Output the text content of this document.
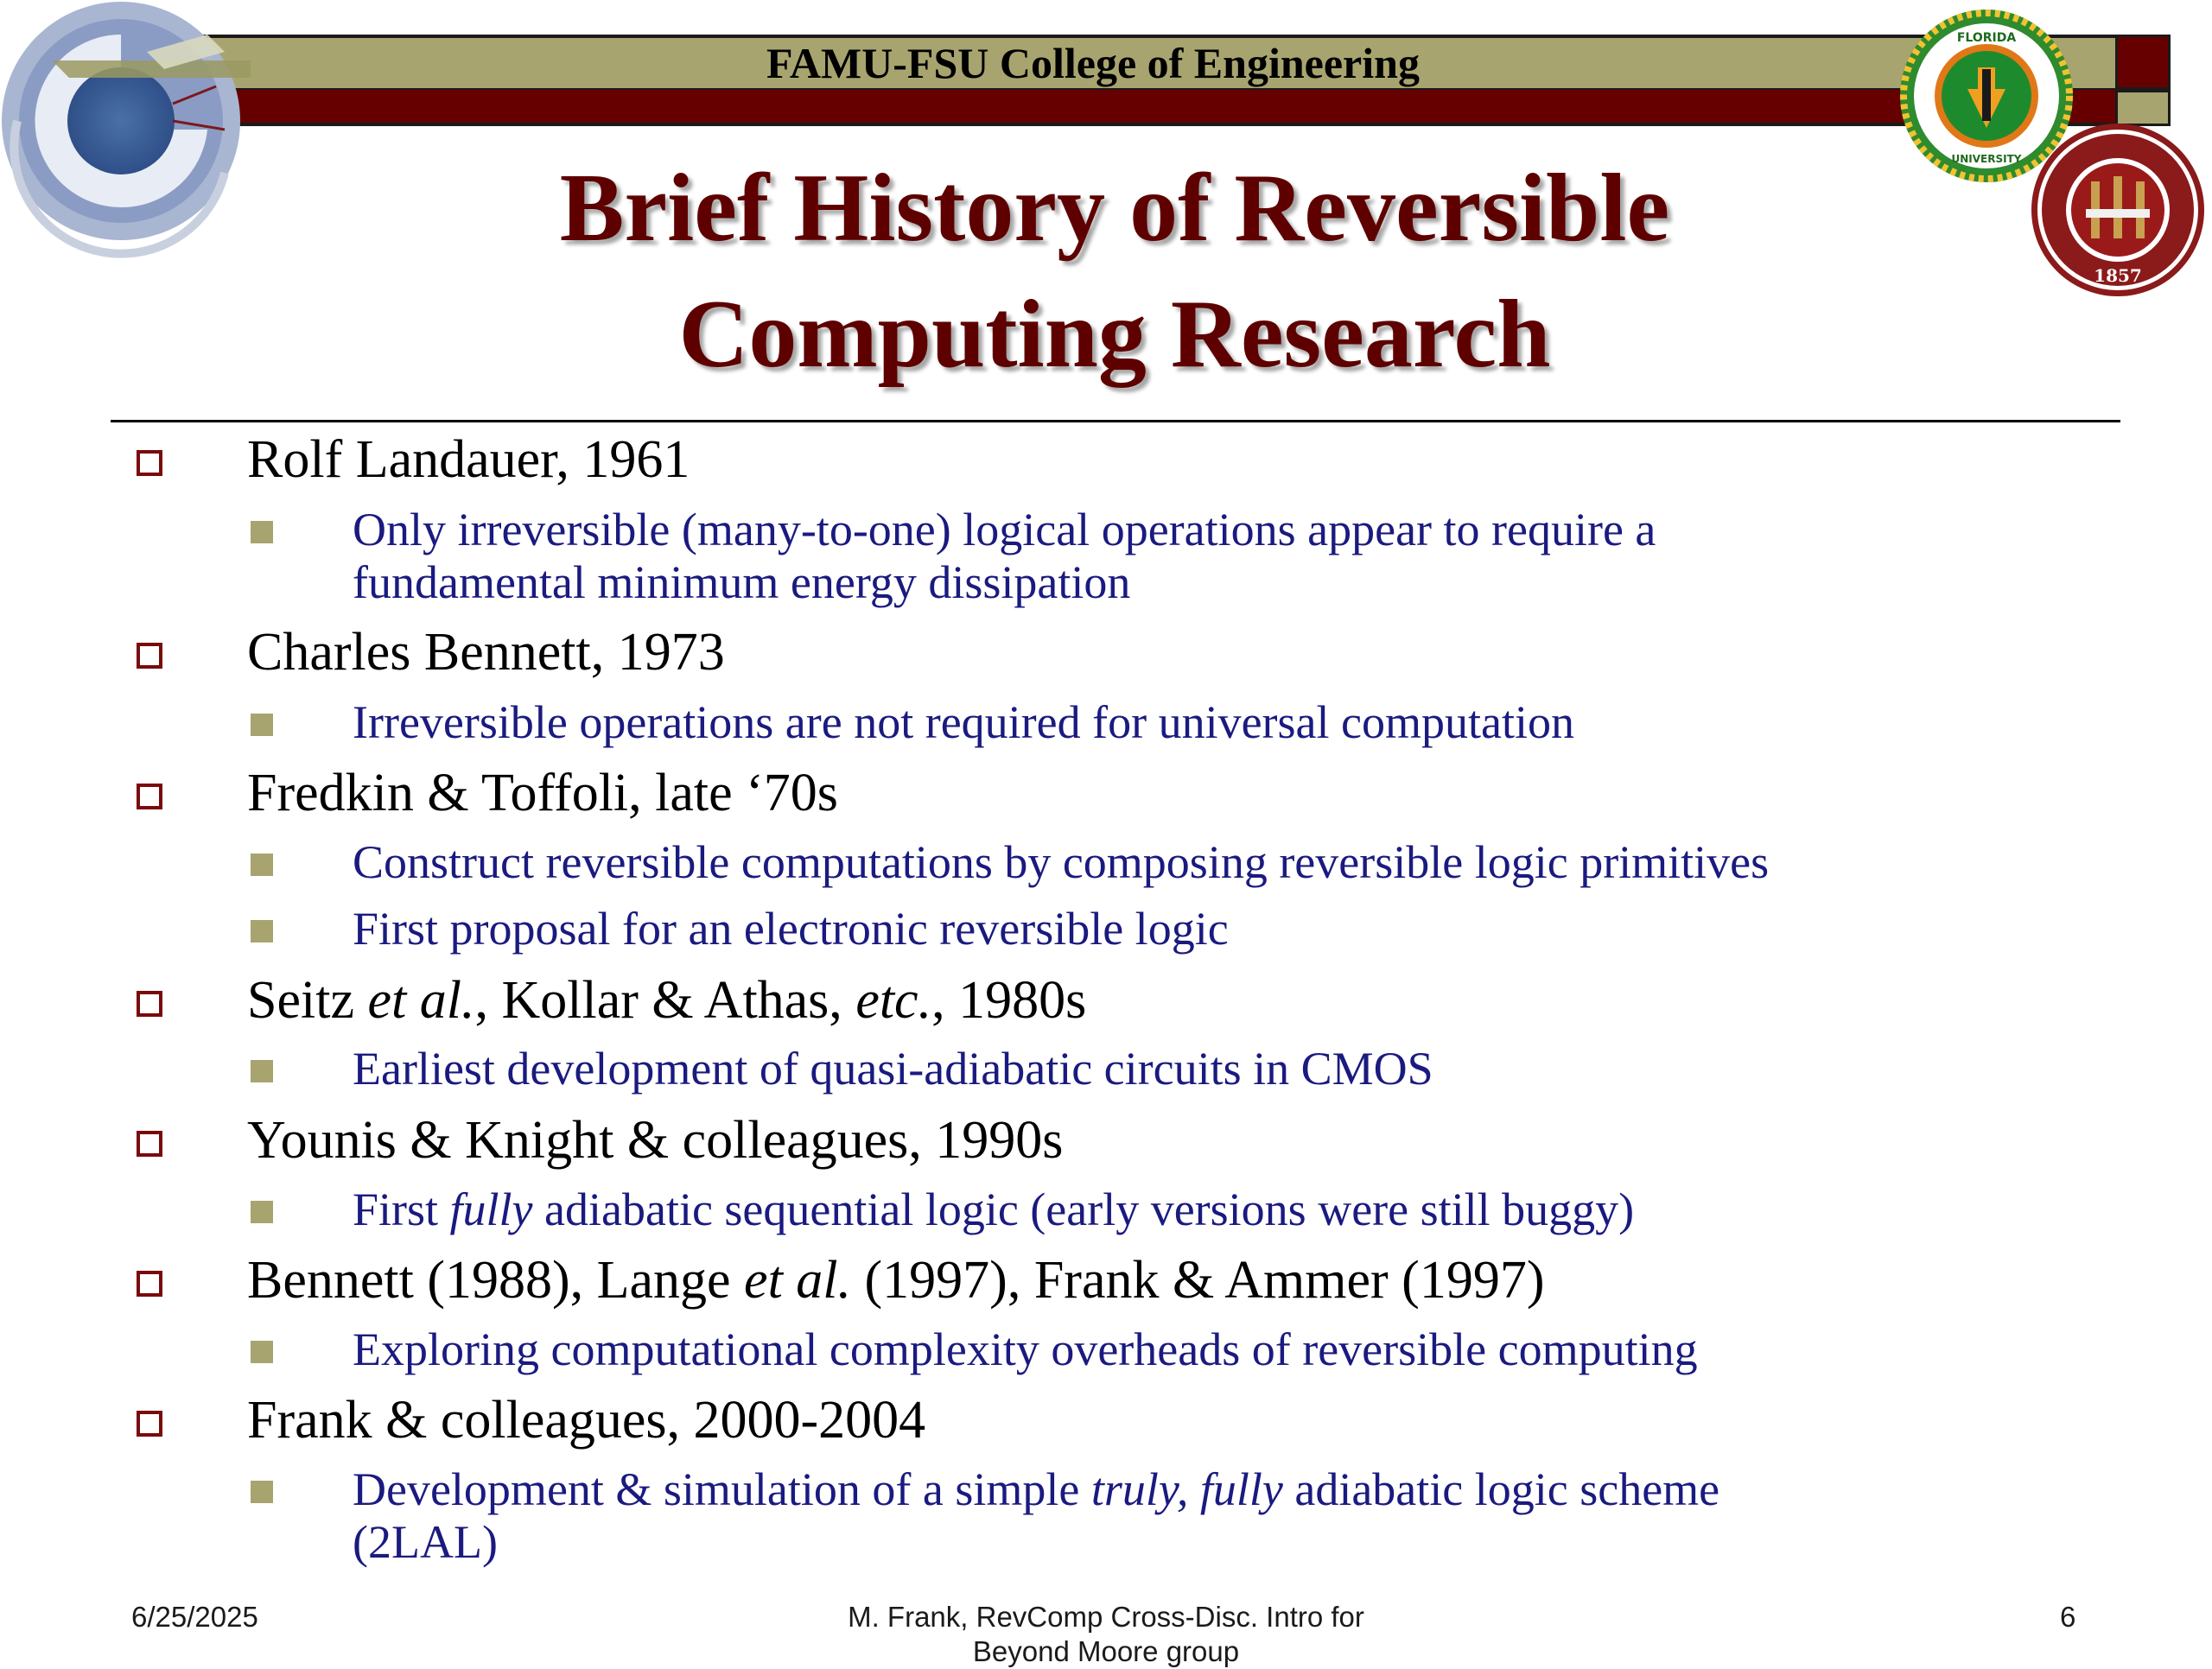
FAMU-FSU College of Engineering
FLORIDA
UNIVERSITY
1857
Brief History of Reversible
Computing Research
Rolf Landauer, 1961
Only irreversible (many-to-one) logical operations appear to require a
fundamental minimum energy dissipation
Charles Bennett, 1973
Irreversible operations are not required for universal computation
Fredkin & Toffoli, late ‘70s
Construct reversible computations by composing reversible logic primitives
First proposal for an electronic reversible logic
Seitz et al., Kollar & Athas, etc., 1980s
Earliest development of quasi-adiabatic circuits in CMOS
Younis & Knight & colleagues, 1990s
First fully adiabatic sequential logic (early versions were still buggy)
Bennett (1988), Lange et al. (1997), Frank & Ammer (1997)
Exploring computational complexity overheads of reversible computing
Frank & colleagues, 2000-2004
Development & simulation of a simple truly, fully adiabatic logic scheme
(2LAL)
6/25/2025	M. Frank, RevComp Cross-Disc. Intro for
Beyond Moore group
6
